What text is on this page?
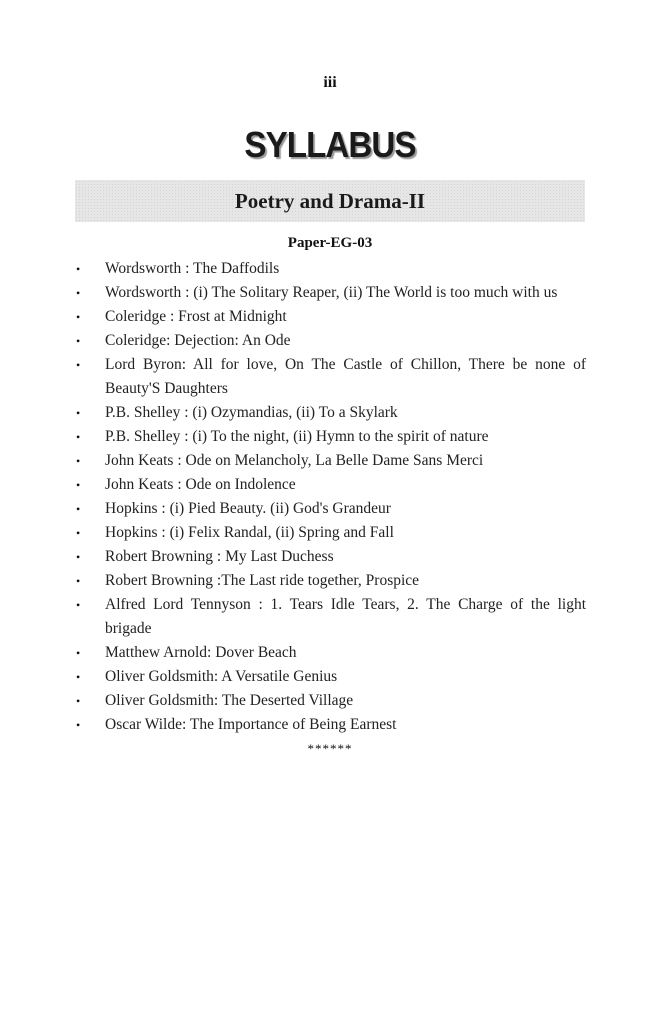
iii
SYLLABUS
Poetry and Drama-II
Paper-EG-03
•	Wordsworth : The Daffodils
•	Wordsworth : (i) The Solitary Reaper, (ii) The World is too much with us
•	Coleridge : Frost at Midnight
•	Coleridge: Dejection: An Ode
•	Lord Byron: All for love, On The Castle of Chillon, There be none of Beauty'S Daughters
•	P.B. Shelley : (i) Ozymandias, (ii) To a Skylark
•	P.B. Shelley : (i) To the night, (ii) Hymn to the spirit of nature
•	John Keats : Ode on Melancholy, La Belle Dame Sans Merci
•	John Keats : Ode on Indolence
•	Hopkins : (i) Pied Beauty. (ii) God's Grandeur
•	Hopkins : (i) Felix Randal, (ii) Spring and Fall
•	Robert Browning : My Last Duchess
•	Robert Browning :The Last ride together, Prospice
•	Alfred Lord Tennyson : 1. Tears Idle Tears, 2. The Charge of the light brigade
•	Matthew Arnold: Dover Beach
•	Oliver Goldsmith: A Versatile Genius
•	Oliver Goldsmith: The Deserted Village
•	Oscar Wilde: The Importance of Being Earnest
******
